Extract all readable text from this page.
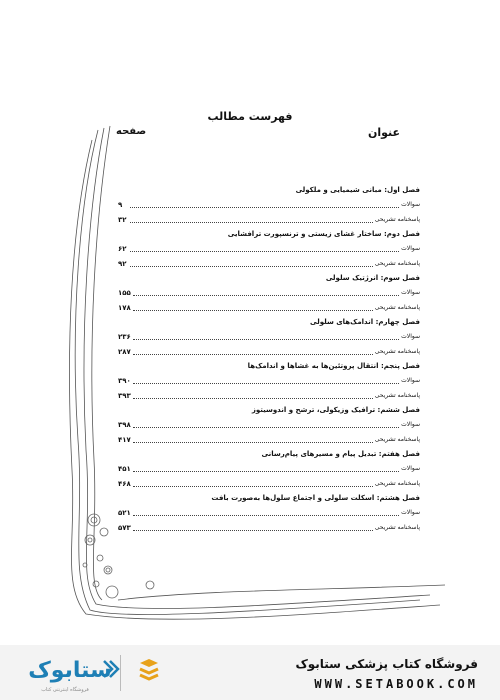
فهرست مطالب
عنوان
صفحه
فصل اول: مبانی شیمیایی و ملکولی
سوالات
۹
پاسخنامه تشریحی
۳۲
فصل دوم: ساختار غشای زیستی و ترنسپورت ترافشایی
سوالات
۶۲
پاسخنامه تشریحی
۹۲
فصل سوم: انرژتیک سلولی
سوالات
۱۵۵
پاسخنامه تشریحی
۱۷۸
فصل چهارم: اندامک‌های سلولی
سوالات
۲۳۶
پاسخنامه تشریحی
۲۸۷
فصل پنجم: انتقال پروتئین‌ها به غشاها و اندامک‌ها
سوالات
۳۹۰
پاسخنامه تشریحی
۳۹۳
فصل ششم: ترافیک وزیکولی، ترشح و اندوسیتوز
سوالات
۳۹۸
پاسخنامه تشریحی
۴۱۷
فصل هفتم: تبدیل پیام و مسیرهای پیام‌رسانی
سوالات
۴۵۱
پاسخنامه تشریحی
۴۶۸
فصل هشتم: اسکلت سلولی و اجتماع سلول‌ها به‌صورت بافت
سوالات
۵۲۱
پاسخنامه تشریحی
۵۷۳
ستابوک
فروشگاه اینترنتی کتاب
فروشگاه کتاب پزشکی ستابوک
WWW.SETABOOK.COM
